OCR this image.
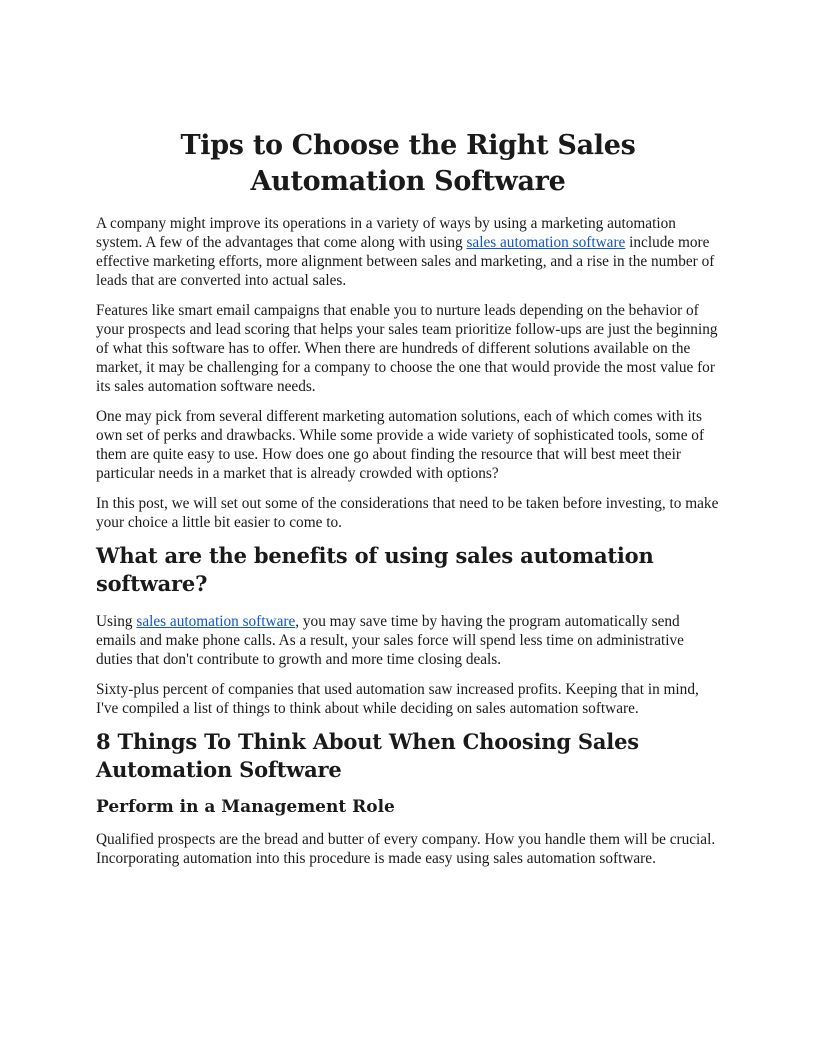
Tips to Choose the Right Sales Automation Software

A company might improve its operations in a variety of ways by using a marketing automation system. A few of the advantages that come along with using sales automation software include more effective marketing efforts, more alignment between sales and marketing, and a rise in the number of leads that are converted into actual sales.

Features like smart email campaigns that enable you to nurture leads depending on the behavior of your prospects and lead scoring that helps your sales team prioritize follow-ups are just the beginning of what this software has to offer. When there are hundreds of different solutions available on the market, it may be challenging for a company to choose the one that would provide the most value for its sales automation software needs.

One may pick from several different marketing automation solutions, each of which comes with its own set of perks and drawbacks. While some provide a wide variety of sophisticated tools, some of them are quite easy to use. How does one go about finding the resource that will best meet their particular needs in a market that is already crowded with options?

In this post, we will set out some of the considerations that need to be taken before investing, to make your choice a little bit easier to come to.

What are the benefits of using sales automation software?

Using sales automation software, you may save time by having the program automatically send emails and make phone calls. As a result, your sales force will spend less time on administrative duties that don't contribute to growth and more time closing deals.

Sixty-plus percent of companies that used automation saw increased profits. Keeping that in mind, I've compiled a list of things to think about while deciding on sales automation software.

8 Things To Think About When Choosing Sales Automation Software
Perform in a Management Role

Qualified prospects are the bread and butter of every company. How you handle them will be crucial. Incorporating automation into this procedure is made easy using sales automation software.
